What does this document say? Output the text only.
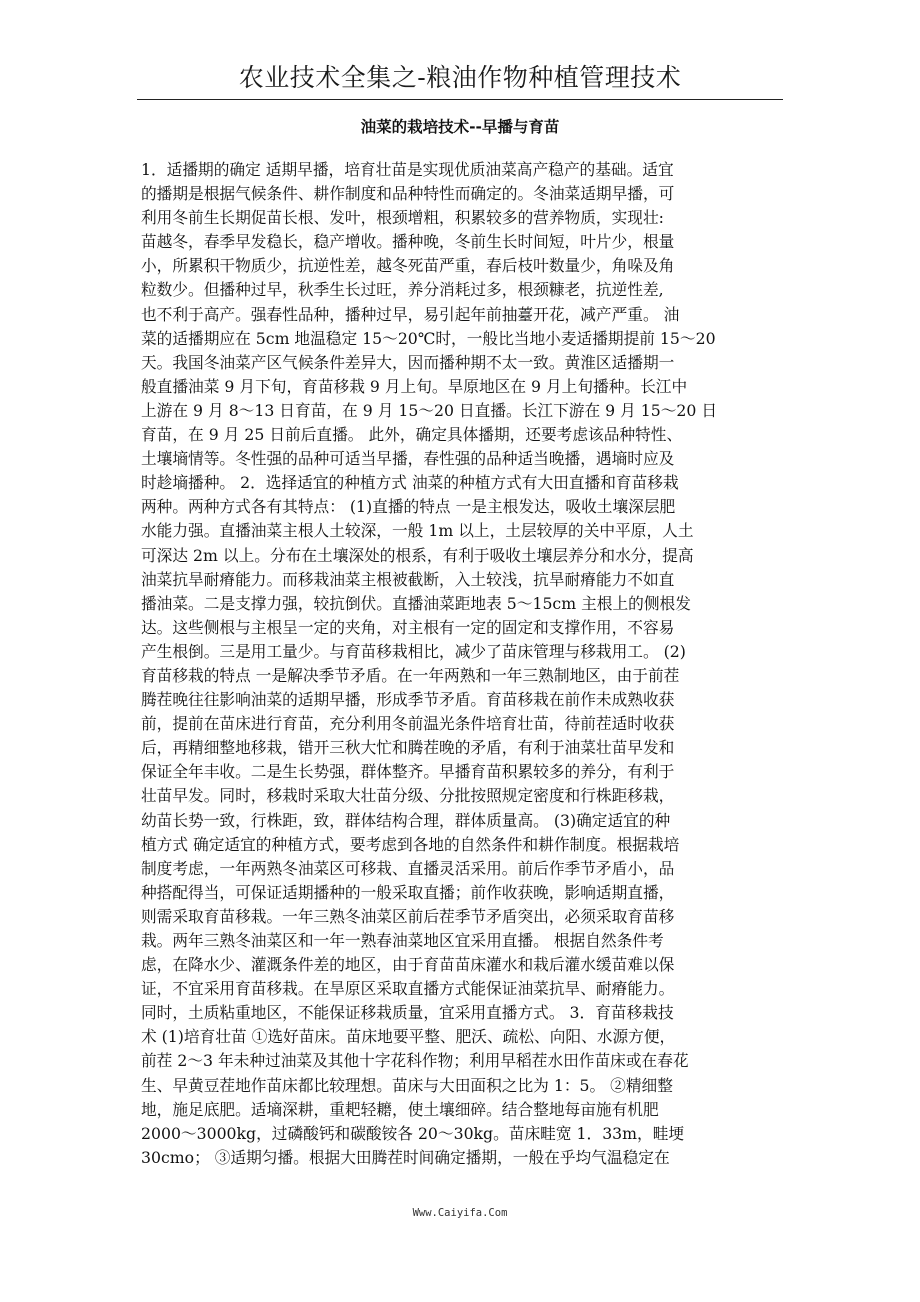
农业技术全集之-粮油作物种植管理技术
油菜的栽培技术--早播与育苗
1．适播期的确定 适期早播，培育壮苗是实现优质油菜高产稳产的基础。适宜
的播期是根据气候条件、耕作制度和品种特性而确定的。冬油菜适期早播，可
利用冬前生长期促苗长根、发叶，根颈增粗，积累较多的营养物质，实现壮:
苗越冬，春季早发稳长，稳产增收。播种晚，冬前生长时间短，叶片少，根量
小，所累积干物质少，抗逆性差，越冬死苗严重，春后枝叶数量少，角哚及角
粒数少。但播种过早，秋季生长过旺，养分消耗过多，根颈糠老，抗逆性差,
也不利于高产。强春性品种，播种过早，易引起年前抽薹开花，减产严重。 油
菜的适播期应在 5cm 地温稳定 15～20℃时，一般比当地小麦适播期提前 15～20
天。我国冬油菜产区气候条件差异大，因而播种期不太一致。黄淮区适播期一
般直播油菜 9 月下旬，育苗移栽 9 月上旬。旱原地区在 9 月上旬播种。长江中
上游在 9 月 8～13 日育苗，在 9 月 15～20 日直播。长江下游在 9 月 15～20 日
育苗，在 9 月 25 日前后直播。 此外，确定具体播期，还要考虑该品种特性、
土壤墒情等。冬性强的品种可适当早播，春性强的品种适当晚播，遇墒时应及
时趁墒播种。 2．选择适宜的种植方式 油菜的种植方式有大田直播和育苗移栽
两种。两种方式各有其特点： (1)直播的特点 一是主根发达，吸收土壤深层肥
水能力强。直播油菜主根人土较深，一般 1m 以上，土层较厚的关中平原，人土
可深达 2m 以上。分布在土壤深处的根系，有利于吸收土壤层养分和水分，提高
油菜抗旱耐瘠能力。而移栽油菜主根被截断，入土较浅，抗旱耐瘠能力不如直
播油菜。二是支撑力强，较抗倒伏。直播油菜距地表 5～15cm 主根上的侧根发
达。这些侧根与主根呈一定的夹角，对主根有一定的固定和支撑作用，不容易
产生根倒。三是用工量少。与育苗移栽相比，减少了苗床管理与移栽用工。 (2)
育苗移栽的特点 一是解决季节矛盾。在一年两熟和一年三熟制地区，由于前茬
腾茬晚往往影响油菜的适期早播，形成季节矛盾。育苗移栽在前作未成熟收获
前，提前在苗床进行育苗，充分利用冬前温光条件培育壮苗，待前茬适时收获
后，再精细整地移栽，错开三秋大忙和腾茬晚的矛盾，有利于油菜壮苗早发和
保证全年丰收。二是生长势强，群体整齐。早播育苗积累较多的养分，有利于
壮苗早发。同时，移栽时采取大壮苗分级、分批按照规定密度和行株距移栽，
幼苗长势一致，行株距，致，群体结构合理，群体质量高。 (3)确定适宜的种
植方式 确定适宜的种植方式，要考虑到各地的自然条件和耕作制度。根据栽培
制度考虑，一年两熟冬油菜区可移栽、直播灵活采用。前后作季节矛盾小，品
种搭配得当，可保证适期播种的一般采取直播；前作收获晚，影响适期直播，
则需采取育苗移栽。一年三熟冬油菜区前后茬季节矛盾突出，必须采取育苗移
栽。两年三熟冬油菜区和一年一熟春油菜地区宜采用直播。 根据自然条件考
虑，在降水少、灌溉条件差的地区，由于育苗苗床灌水和栽后灌水缓苗难以保
证，不宜采用育苗移栽。在旱原区采取直播方式能保证油菜抗旱、耐瘠能力。
同时，土质粘重地区，不能保证移栽质量，宜采用直播方式。 3．育苗移栽技
术 (1)培育壮苗 ①选好苗床。苗床地要平整、肥沃、疏松、向阳、水源方便，
前茬 2～3 年未种过油菜及其他十字花科作物；利用早稻茬水田作苗床或在春花
生、早黄豆茬地作苗床都比较理想。苗床与大田面积之比为 1：5。 ②精细整
地，施足底肥。适墒深耕，重耙轻耱，使土壤细碎。结合整地每亩施有机肥
2000～3000kg，过磷酸钙和碳酸铵各 20～30kg。苗床畦宽 1．33m，畦埂
30cmo； ③适期匀播。根据大田腾茬时间确定播期，一般在乎均气温稳定在
Www.Caiyifa.Com
